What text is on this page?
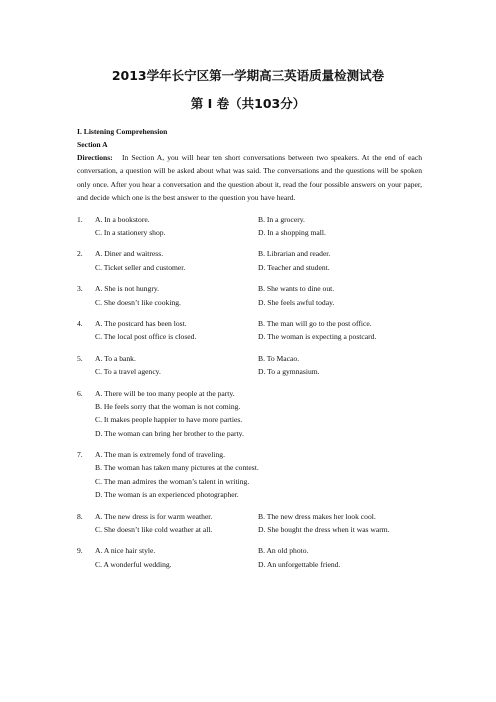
2013学年长宁区第一学期高三英语质量检测试卷
第 I 卷（共103分）
I. Listening Comprehension
Section A

Directions: In Section A, you will hear ten short conversations between two speakers. At the end of each conversation, a question will be asked about what was said. The conversations and the questions will be spoken only once. After you hear a conversation and the question about it, read the four possible answers on your paper, and decide which one is the best answer to the question you have heard.

1. A. In a bookstore.	B. In a grocery.
C. In a stationery shop.	D. In a shopping mall.
2. A. Diner and waitress.	B. Librarian and reader.
C. Ticket seller and customer.	D. Teacher and student.
3. A. She is not hungry.	B. She wants to dine out.
C. She doesn’t like cooking.	D. She feels awful today.
4. A. The postcard has been lost.	B. The man will go to the post office.
C. The local post office is closed.	D. The woman is expecting a postcard.
5. A. To a bank.	B. To Macao.
C. To a travel agency.	D. To a gymnasium.
6. A. There will be too many people at the party.
B. He feels sorry that the woman is not coming.
C. It makes people happier to have more parties.
D. The woman can bring her brother to the party.
7. A. The man is extremely fond of traveling.
B. The woman has taken many pictures at the contest.
C. The man admires the woman’s talent in writing.
D. The woman is an experienced photographer.
8. A. The new dress is for warm weather.	B. The new dress makes her look cool.
C. She doesn’t like cold weather at all.	D. She bought the dress when it was warm.
9. A. A nice hair style.	B. An old photo.
C. A wonderful wedding.	D. An unforgettable friend.
